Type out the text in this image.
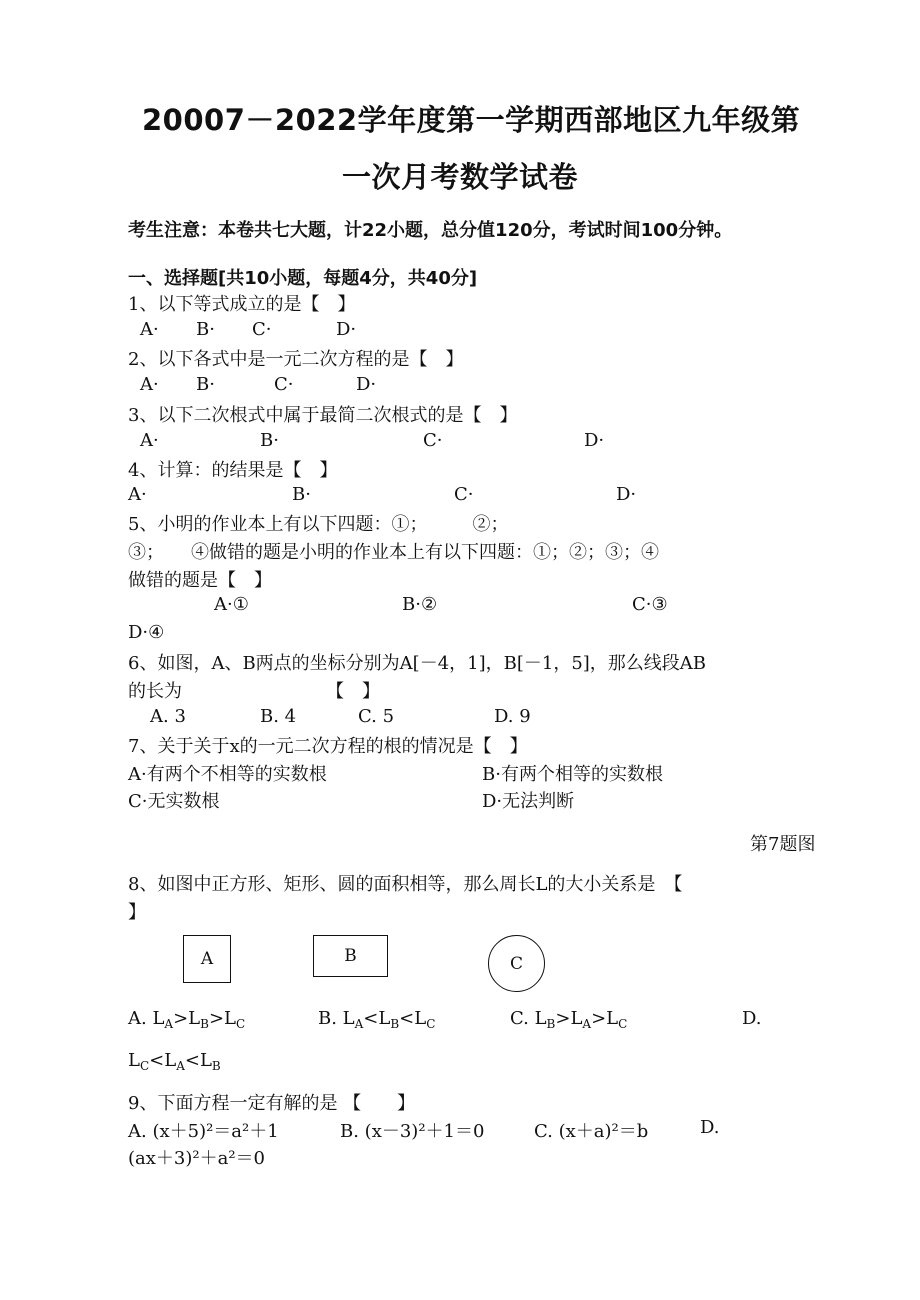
20007－2022学年度第一学期西部地区九年级第
一次月考数学试卷
考生注意：本卷共七大题，计22小题，总分值120分，考试时间100分钟。
一、选择题[共10小题，每题4分，共40分]
1、以下等式成立的是【　】
A· B· C·	D·
2、以下各式中是一元二次方程的是【　】
A· B·	C·	D·
3、以下二次根式中属于最简二次根式的是【　】
A·	B·	C·	D·
4、计算：的结果是【　】
A·	B·	C·	D·
5、小明的作业本上有以下四题：①；　　　②；
③；　　④做错的题是小明的作业本上有以下四题：①；②；③；④
做错的题是【　】
A·①	B·②	C·③
D·④
6、如图，A、B两点的坐标分别为A[－4，1]，B[－1，5]，那么线段AB
的长为	【　】
A. 3	B. 4	C. 5	D. 9
7、关于关于x的一元二次方程的根的情况是【　】
A·有两个不相等的实数根	B·有两个相等的实数根
C·无实数根	D·无法判断
第7题图
8、如图中正方形、矩形、圆的面积相等，那么周长L的大小关系是　【
】
A	B	C
A. $L_A>L_B>L_C$	B. $L_A<L_B<L_C$	C. $L_B>L_A>L_C$	D.
$L_C<L_A<L_B$
9、下面方程一定有解的是 【　　】
A. (x＋5)²＝a²＋1	B. (x－3)²＋1＝0	C. (x＋a)²＝b	D.
(ax＋3)²＋a²＝0
